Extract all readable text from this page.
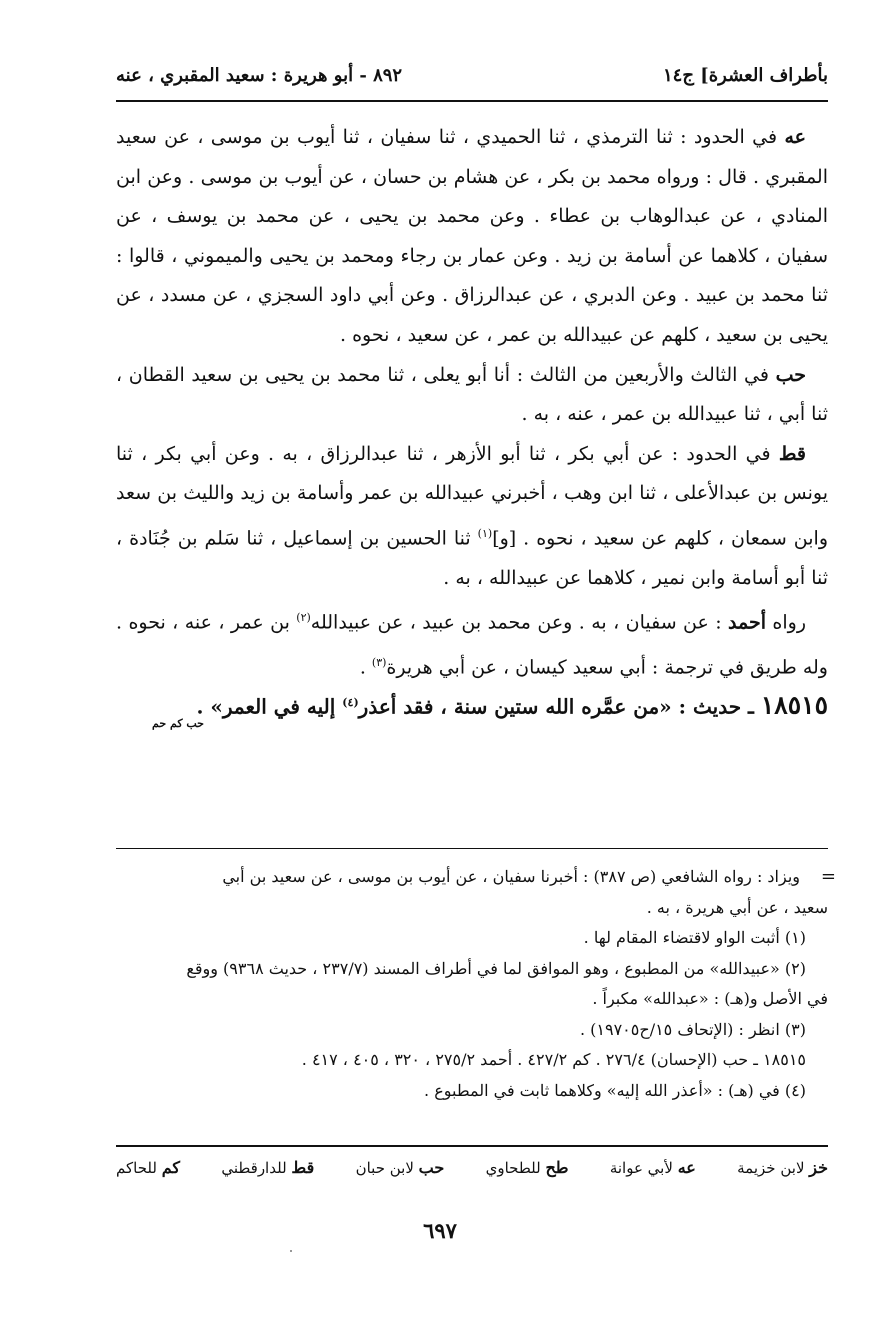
بأطراف العشرة] ج١٤
٨٩٢ - أبو هريرة : سعيد المقبري ، عنه

عه في الحدود : ثنا الترمذي ، ثنا الحميدي ، ثنا سفيان ، ثنا أيوب بن موسى ، عن سعيد المقبري . قال : ورواه محمد بن بكر ، عن هشام بن حسان ، عن أيوب بن موسى . وعن ابن المنادي ، عن عبدالوهاب بن عطاء . وعن محمد بن يحيى ، عن محمد بن يوسف ، عن سفيان ، كلاهما عن أسامة بن زيد . وعن عمار بن رجاء ومحمد بن يحيى والميموني ، قالوا : ثنا محمد بن عبيد . وعن الدبري ، عن عبدالرزاق . وعن أبي داود السجزي ، عن مسدد ، عن يحيى بن سعيد ، كلهم عن عبيدالله بن عمر ، عن سعيد ، نحوه .

حب في الثالث والأربعين من الثالث : أنا أبو يعلى ، ثنا محمد بن يحيى بن سعيد القطان ، ثنا أبي ، ثنا عبيدالله بن عمر ، عنه ، به .

قط في الحدود : عن أبي بكر ، ثنا أبو الأزهر ، ثنا عبدالرزاق ، به . وعن أبي بكر ، ثنا يونس بن عبدالأعلى ، ثنا ابن وهب ، أخبرني عبيدالله بن عمر وأسامة بن زيد والليث بن سعد وابن سمعان ، كلهم عن سعيد ، نحوه . [و]$^{(١)}$ ثنا الحسين بن إسماعيل ، ثنا سَلم بن جُنَادة ، ثنا أبو أسامة وابن نمير ، كلاهما عن عبيدالله ، به .

رواه أحمد : عن سفيان ، به . وعن محمد بن عبيد ، عن عبيدالله$^{(٢)}$ بن عمر ، عنه ، نحوه . وله طريق في ترجمة : أبي سعيد كيسان ، عن أبي هريرة$^{(٣)}$ .

١٨٥١٥ ـ حديث : «من عمَّره الله ستين سنة ، فقد أعذر$^{(٤)}$ إليه في العمر» .

حب كم حم

=
ويزاد : رواه الشافعي (ص ٣٨٧) : أخبرنا سفيان ، عن أيوب بن موسى ، عن سعيد بن أبي

سعيد ، عن أبي هريرة ، به .

(١) أثبت الواو لاقتضاء المقام لها .

(٢) «عبيدالله» من المطبوع ، وهو الموافق لما في أطراف المسند (٢٣٧/٧ ، حديث ٩٣٦٨) ووقع

في الأصل و(هـ) : «عبدالله» مكبراً .

(٣) انظر : (الإتحاف ١٥/ح١٩٧٠٥) .

١٨٥١٥ ـ حب (الإحسان) ٢٧٦/٤ . كم ٤٢٧/٢ . أحمد ٢٧٥/٢ ، ٣٢٠ ، ٤٠٥ ، ٤١٧ .

(٤) في (هـ) : «أعذر الله إليه» وكلاهما ثابت في المطبوع .

خز لابن خزيمة
عه لأبي عوانة
طح للطحاوي
حب لابن حبان
قط للدارقطني
كم للحاكم
٦٩٧
